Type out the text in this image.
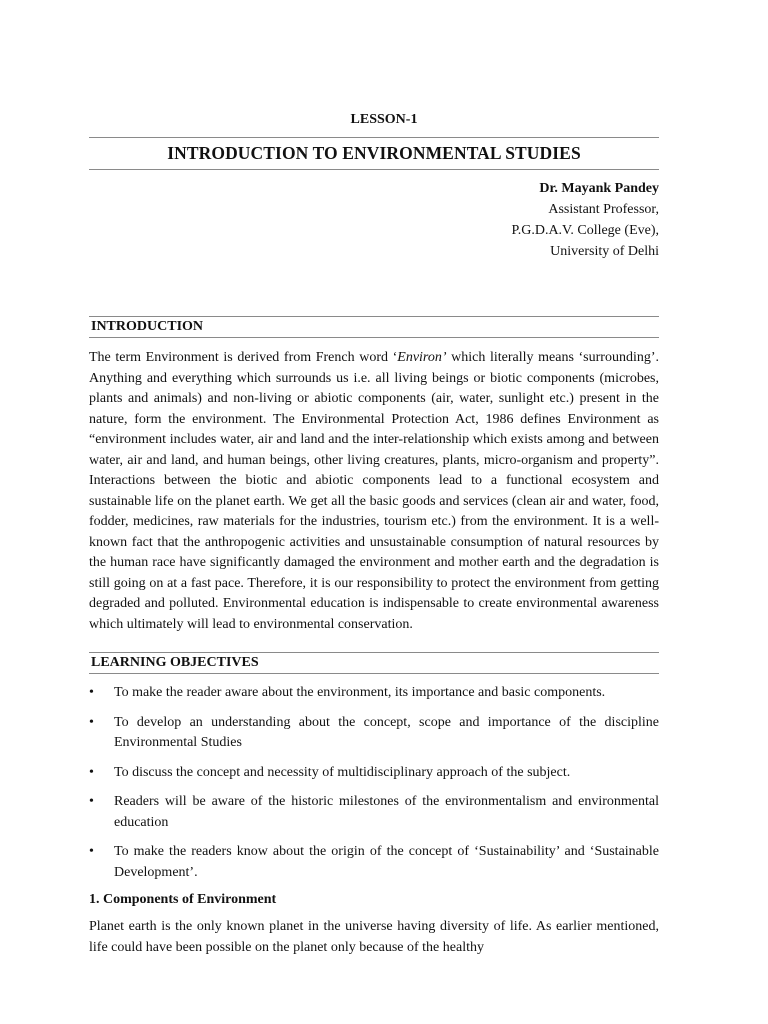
LESSON-1

INTRODUCTION TO ENVIRONMENTAL STUDIES

Dr. Mayank Pandey
Assistant Professor,
P.G.D.A.V. College (Eve),
University of Delhi

INTRODUCTION

The term Environment is derived from French word ‘Environ’ which literally means ‘surrounding’. Anything and everything which surrounds us i.e. all living beings or biotic components (microbes, plants and animals) and non-living or abiotic components (air, water, sunlight etc.) present in the nature, form the environment. The Environmental Protection Act, 1986 defines Environment as “environment includes water, air and land and the inter-relationship which exists among and between water, air and land, and human beings, other living creatures, plants, micro-organism and property”. Interactions between the biotic and abiotic components lead to a functional ecosystem and sustainable life on the planet earth. We get all the basic goods and services (clean air and water, food, fodder, medicines, raw materials for the industries, tourism etc.) from the environment. It is a well-known fact that the anthropogenic activities and unsustainable consumption of natural resources by the human race have significantly damaged the environment and mother earth and the degradation is still going on at a fast pace. Therefore, it is our responsibility to protect the environment from getting degraded and polluted. Environmental education is indispensable to create environmental awareness which ultimately will lead to environmental conservation.

LEARNING OBJECTIVES

•	To make the reader aware about the environment, its importance and basic components.
•	To develop an understanding about the concept, scope and importance of the discipline Environmental Studies
•	To discuss the concept and necessity of multidisciplinary approach of the subject.
•	Readers will be aware of the historic milestones of the environmentalism and environmental education
•	To make the readers know about the origin of the concept of ‘Sustainability’ and ‘Sustainable Development’.

1. Components of Environment

Planet earth is the only known planet in the universe having diversity of life. As earlier mentioned, life could have been possible on the planet only because of the healthy
